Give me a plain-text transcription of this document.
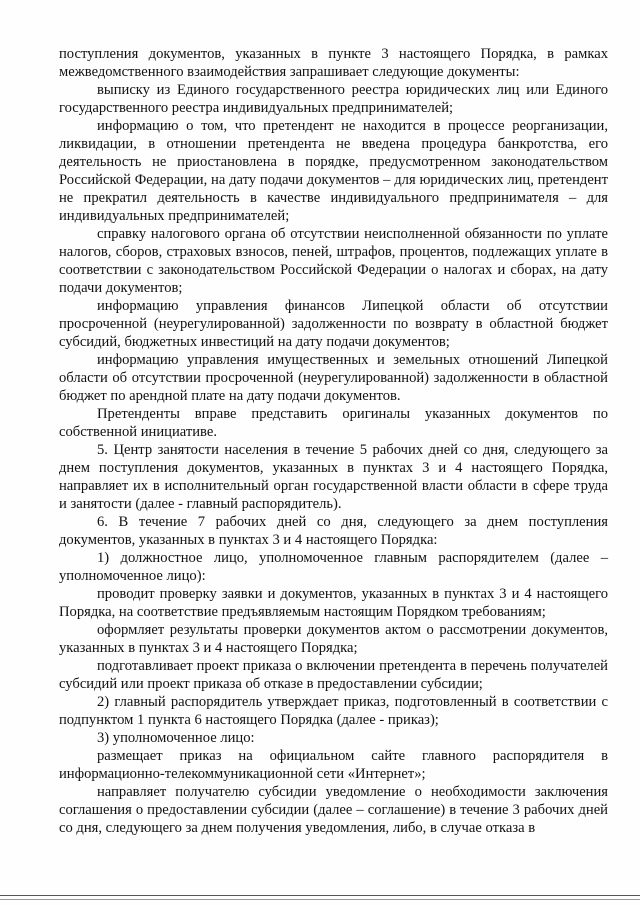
поступления документов, указанных в пункте 3 настоящего Порядка, в рамках межведомственного взаимодействия запрашивает следующие документы:

выписку из Единого государственного реестра юридических лиц или Единого государственного реестра индивидуальных предпринимателей;

информацию о том, что претендент не находится в процессе реорганизации, ликвидации, в отношении претендента не введена процедура банкротства, его деятельность не приостановлена в порядке, предусмотренном законодательством Российской Федерации, на дату подачи документов – для юридических лиц, претендент не прекратил деятельность в качестве индивидуального предпринимателя – для индивидуальных предпринимателей;

справку налогового органа об отсутствии неисполненной обязанности по уплате налогов, сборов, страховых взносов, пеней, штрафов, процентов, подлежащих уплате в соответствии с законодательством Российской Федерации о налогах и сборах, на дату подачи документов;

информацию управления финансов Липецкой области об отсутствии просроченной (неурегулированной) задолженности по возврату в областной бюджет субсидий, бюджетных инвестиций на дату подачи документов;

информацию управления имущественных и земельных отношений Липецкой области об отсутствии просроченной (неурегулированной) задолженности в областной бюджет по арендной плате на дату подачи документов.

Претенденты вправе представить оригиналы указанных документов по собственной инициативе.

5. Центр занятости населения в течение 5 рабочих дней со дня, следующего за днем поступления документов, указанных в пунктах 3 и 4 настоящего Порядка, направляет их в исполнительный орган государственной власти области в сфере труда и занятости (далее - главный распорядитель).

6. В течение 7 рабочих дней со дня, следующего за днем поступления документов, указанных в пунктах 3 и 4 настоящего Порядка:

1) должностное лицо, уполномоченное главным распорядителем (далее – уполномоченное лицо):

проводит проверку заявки и документов, указанных в пунктах 3 и 4 настоящего Порядка, на соответствие предъявляемым настоящим Порядком требованиям;

оформляет результаты проверки документов актом о рассмотрении документов, указанных в пунктах 3 и 4 настоящего Порядка;

подготавливает проект приказа о включении претендента в перечень получателей субсидий или проект приказа об отказе в предоставлении субсидии;

2) главный распорядитель утверждает приказ, подготовленный в соответствии с подпунктом 1 пункта 6 настоящего Порядка (далее - приказ);

3) уполномоченное лицо:

размещает приказ на официальном сайте главного распорядителя в информационно-телекоммуникационной сети «Интернет»;

направляет получателю субсидии уведомление о необходимости заключения соглашения о предоставлении субсидии (далее – соглашение) в течение 3 рабочих дней со дня, следующего за днем получения уведомления, либо, в случае отказа в
